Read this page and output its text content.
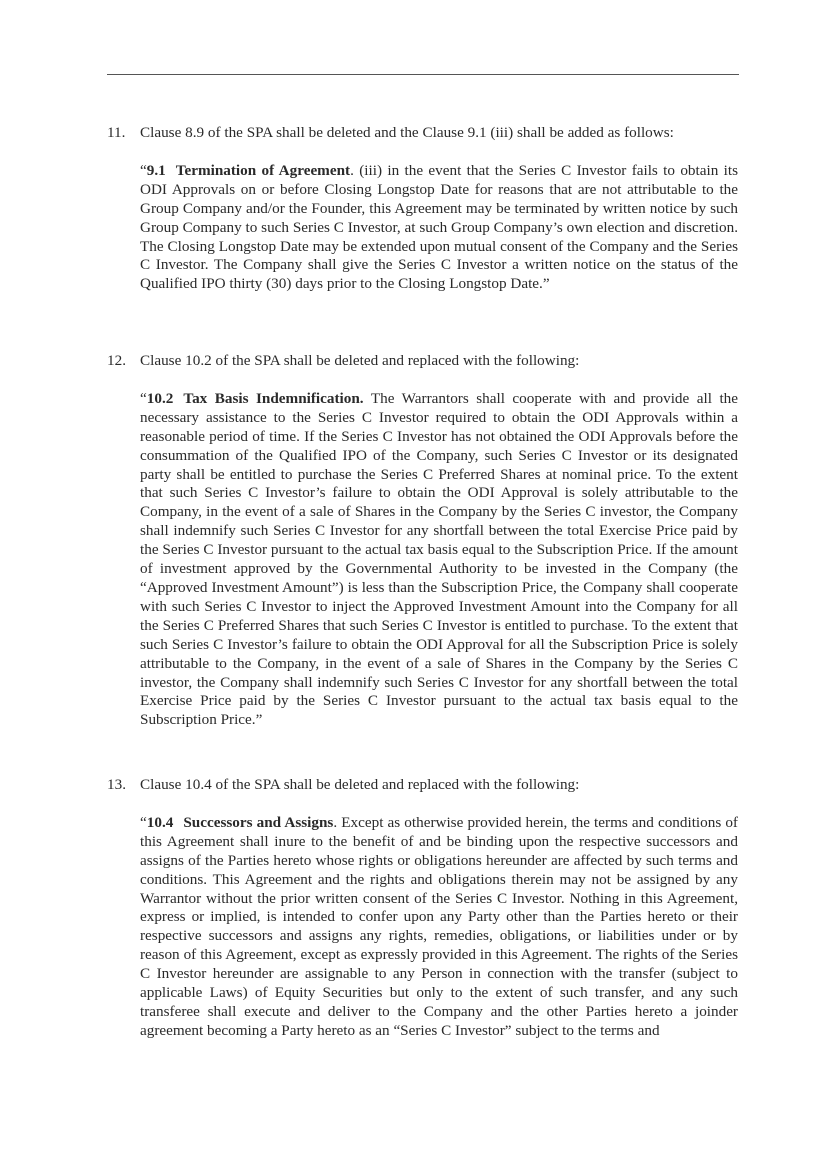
11. Clause 8.9 of the SPA shall be deleted and the Clause 9.1 (iii) shall be added as follows:

“9.1 Termination of Agreement. (iii) in the event that the Series C Investor fails to obtain its ODI Approvals on or before Closing Longstop Date for reasons that are not attributable to the Group Company and/or the Founder, this Agreement may be terminated by written notice by such Group Company to such Series C Investor, at such Group Company’s own election and discretion. The Closing Longstop Date may be extended upon mutual consent of the Company and the Series C Investor. The Company shall give the Series C Investor a written notice on the status of the Qualified IPO thirty (30) days prior to the Closing Longstop Date.”

12. Clause 10.2 of the SPA shall be deleted and replaced with the following:

“10.2 Tax Basis Indemnification. The Warrantors shall cooperate with and provide all the necessary assistance to the Series C Investor required to obtain the ODI Approvals within a reasonable period of time. If the Series C Investor has not obtained the ODI Approvals before the consummation of the Qualified IPO of the Company, such Series C Investor or its designated party shall be entitled to purchase the Series C Preferred Shares at nominal price. To the extent that such Series C Investor’s failure to obtain the ODI Approval is solely attributable to the Company, in the event of a sale of Shares in the Company by the Series C investor, the Company shall indemnify such Series C Investor for any shortfall between the total Exercise Price paid by the Series C Investor pursuant to the actual tax basis equal to the Subscription Price. If the amount of investment approved by the Governmental Authority to be invested in the Company (the “Approved Investment Amount”) is less than the Subscription Price, the Company shall cooperate with such Series C Investor to inject the Approved Investment Amount into the Company for all the Series C Preferred Shares that such Series C Investor is entitled to purchase. To the extent that such Series C Investor’s failure to obtain the ODI Approval for all the Subscription Price is solely attributable to the Company, in the event of a sale of Shares in the Company by the Series C investor, the Company shall indemnify such Series C Investor for any shortfall between the total Exercise Price paid by the Series C Investor pursuant to the actual tax basis equal to the Subscription Price.”

13. Clause 10.4 of the SPA shall be deleted and replaced with the following:

“10.4 Successors and Assigns. Except as otherwise provided herein, the terms and conditions of this Agreement shall inure to the benefit of and be binding upon the respective successors and assigns of the Parties hereto whose rights or obligations hereunder are affected by such terms and conditions. This Agreement and the rights and obligations therein may not be assigned by any Warrantor without the prior written consent of the Series C Investor. Nothing in this Agreement, express or implied, is intended to confer upon any Party other than the Parties hereto or their respective successors and assigns any rights, remedies, obligations, or liabilities under or by reason of this Agreement, except as expressly provided in this Agreement. The rights of the Series C Investor hereunder are assignable to any Person in connection with the transfer (subject to applicable Laws) of Equity Securities but only to the extent of such transfer, and any such transferee shall execute and deliver to the Company and the other Parties hereto a joinder agreement becoming a Party hereto as an “Series C Investor” subject to the terms and
